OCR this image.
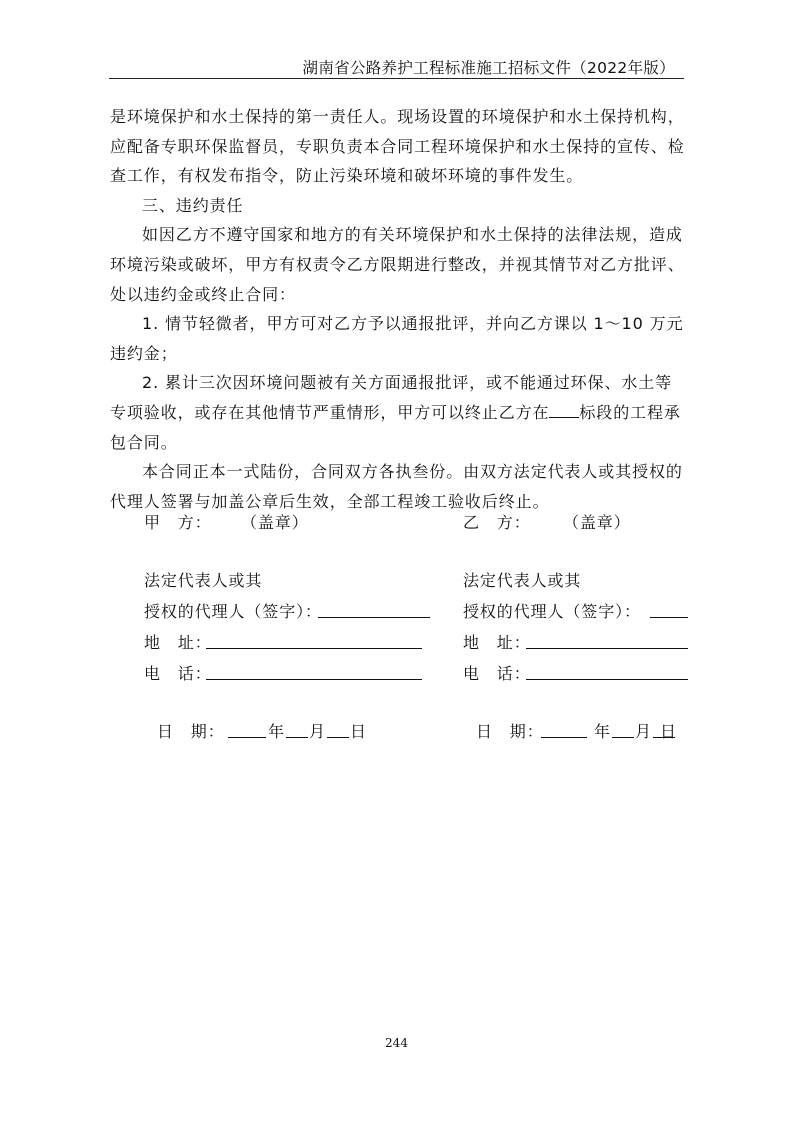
湖南省公路养护工程标准施工招标文件（2022年版）

是环境保护和水土保持的第一责任人。现场设置的环境保护和水土保持机构，应配备专职环保监督员，专职负责本合同工程环境保护和水土保持的宣传、检查工作，有权发布指令，防止污染环境和破坏环境的事件发生。

三、违约责任

如因乙方不遵守国家和地方的有关环境保护和水土保持的法律法规，造成环境污染或破坏，甲方有权责令乙方限期进行整改，并视其情节对乙方批评、处以违约金或终止合同：

1. 情节轻微者，甲方可对乙方予以通报批评，并向乙方课以 1～10 万元违约金；

2. 累计三次因环境问题被有关方面通报批评，或不能通过环保、水土等专项验收，或存在其他情节严重情形，甲方可以终止乙方在 标段的工程承包合同。

本合同正本一式陆份，合同双方各执叁份。由双方法定代表人或其授权的代理人签署与加盖公章后生效，全部工程竣工验收后终止。

甲　方： （盖章）
法定代表人或其
授权的代理人（签字）：
地　址：
电　话：
日　期：	年 月 日
乙　方： （盖章）
法定代表人或其
授权的代理人（签字）：
地　址：
电　话：
日　期：	年 月 日
244
